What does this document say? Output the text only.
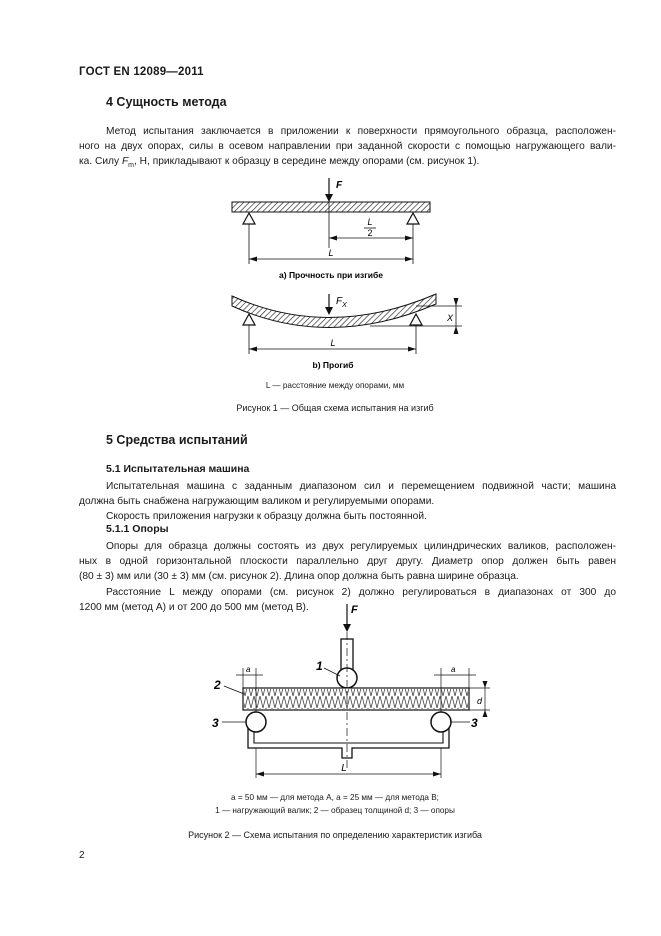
ГОСТ EN 12089—2011
4 Сущность метода
Метод испытания заключается в приложении к поверхности прямоугольного образца, расположен-
ного на двух опорах, силы в осевом направлении при заданной скорости с помощью нагружающего вали-
ка. Силу $F_m$, Н, прикладывают к образцу в середине между опорами (см. рисунок 1).
F
L
2
L
а) Прочность при изгибе
$F_X$
X
L
b) Прогиб
L — расстояние между опорами, мм
Рисунок 1 — Общая схема испытания на изгиб
5 Средства испытаний
5.1 Испытательная машина
Испытательная машина с заданным диапазоном сил и перемещением подвижной части; машина
должна быть снабжена нагружающим валиком и регулируемыми опорами.
Скорость приложения нагрузки к образцу должна быть постоянной.
5.1.1 Опоры
Опоры для образца должны состоять из двух регулируемых цилиндрических валиков, расположен-
ных в одной горизонтальной плоскости параллельно друг другу. Диаметр опор должен быть равен
(80 ± 3) мм или (30 ± 3) мм (см. рисунок 2). Длина опор должна быть равна ширине образца.
Расстояние L между опорами (см. рисунок 2) должно регулироваться в диапазонах от 300 до
1200 мм (метод А) и от 200 до 500 мм (метод В).	F
1
2
3	3
a	a
d
L
a = 50 мм — для метода А, a = 25 мм — для метода В;
1 — нагружающий валик; 2 — образец толщиной d; 3 — опоры
Рисунок 2 — Схема испытания по определению характеристик изгиба
2
